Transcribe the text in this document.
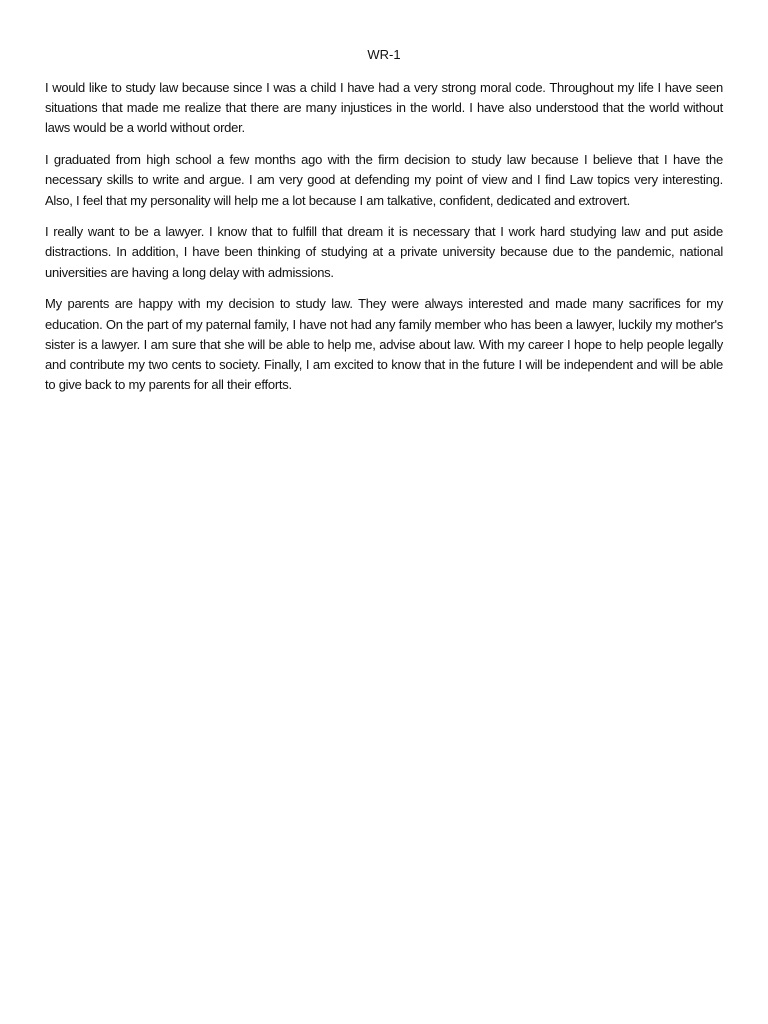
WR-1

I would like to study law because since I was a child I have had a very strong moral code. Throughout my life I have seen situations that made me realize that there are many injustices in the world. I have also understood that the world without laws would be a world without order.

I graduated from high school a few months ago with the firm decision to study law because I believe that I have the necessary skills to write and argue. I am very good at defending my point of view and I find Law topics very interesting. Also, I feel that my personality will help me a lot because I am talkative, confident, dedicated and extrovert.

I really want to be a lawyer. I know that to fulfill that dream it is necessary that I work hard studying law and put aside distractions. In addition, I have been thinking of studying at a private university because due to the pandemic, national universities are having a long delay with admissions.

My parents are happy with my decision to study law. They were always interested and made many sacrifices for my education. On the part of my paternal family, I have not had any family member who has been a lawyer, luckily my mother's sister is a lawyer. I am sure that she will be able to help me, advise about law. With my career I hope to help people legally and contribute my two cents to society. Finally, I am excited to know that in the future I will be independent and will be able to give back to my parents for all their efforts.
